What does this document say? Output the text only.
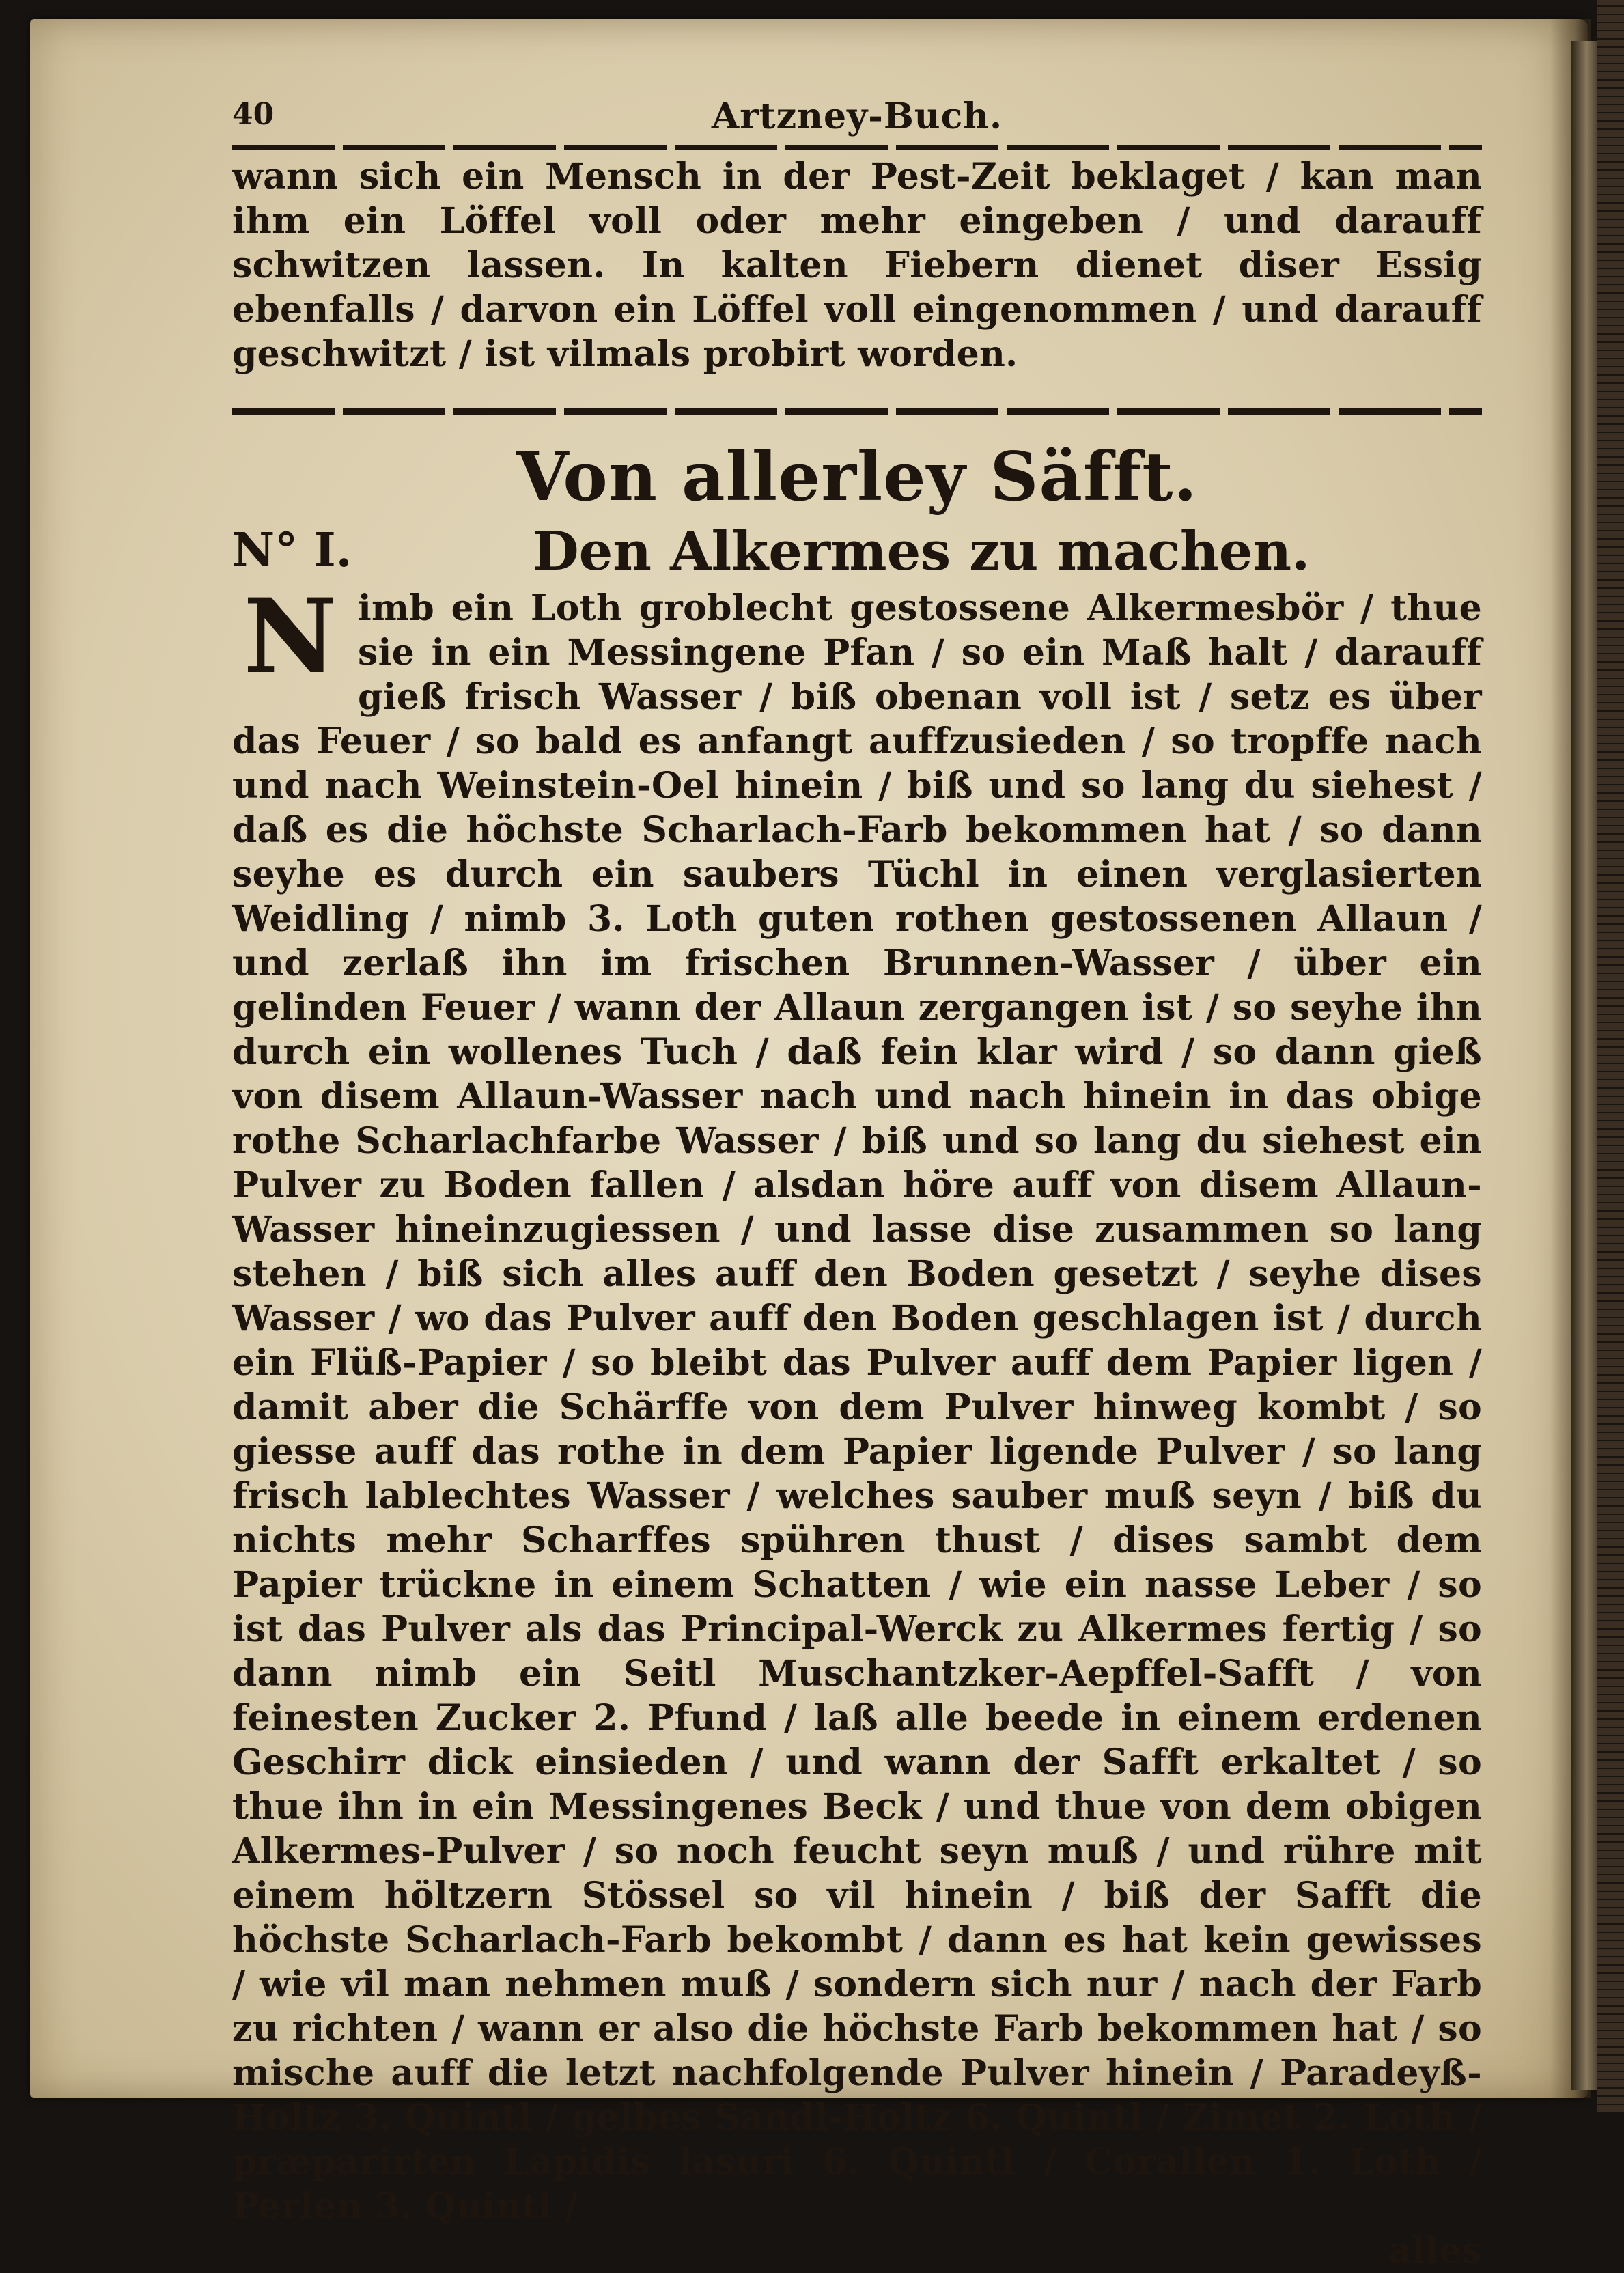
40	Artzney-Buch.

wann sich ein Mensch in der Pest-Zeit beklaget / kan man ihm ein Löffel voll oder mehr eingeben / und darauff schwitzen lassen. In kalten Fiebern dienet diser Essig ebenfalls / darvon ein Löffel voll eingenommen / und darauff geschwitzt / ist vilmals probirt worden.

Von allerley Säfft.
N° I.	Den Alkermes zu machen.
N imb ein Loth groblecht gestossene Alkermesbör / thue sie in ein Messingene Pfan / so ein Maß halt / darauff gieß frisch Wasser / biß obenan voll ist / setz es über das Feuer / so bald es anfangt auffzusieden / so tropffe nach und nach Weinstein-Oel hinein / biß und so lang du siehest / daß es die höchste Scharlach-Farb bekommen hat / so dann seyhe es durch ein saubers Tüchl in einen verglasierten Weidling / nimb 3. Loth guten rothen gestossenen Allaun / und zerlaß ihn im frischen Brunnen-Wasser / über ein gelinden Feuer / wann der Allaun zergangen ist / so seyhe ihn durch ein wollenes Tuch / daß fein klar wird / so dann gieß von disem Allaun-Wasser nach und nach hinein in das obige rothe Scharlachfarbe Wasser / biß und so lang du siehest ein Pulver zu Boden fallen / alsdan höre auff von disem Allaun-Wasser hineinzugiessen / und lasse dise zusammen so lang stehen / biß sich alles auff den Boden gesetzt / seyhe dises Wasser / wo das Pulver auff den Boden geschlagen ist / durch ein Flüß-Papier / so bleibt das Pulver auff dem Papier ligen / damit aber die Schärffe von dem Pulver hinweg kombt / so giesse auff das rothe in dem Papier ligende Pulver / so lang frisch lablechtes Wasser / welches sauber muß seyn / biß du nichts mehr Scharffes spühren thust / dises sambt dem Papier trückne in einem Schatten / wie ein nasse Leber / so ist das Pulver als das Principal-Werck zu Alkermes fertig / so dann nimb ein Seitl Muschantzker-Aepffel-Safft / von feinesten Zucker 2. Pfund / laß alle beede in einem erdenen Geschirr dick einsieden / und wann der Safft erkaltet / so thue ihn in ein Messingenes Beck / und thue von dem obigen Alkermes-Pulver / so noch feucht seyn muß / und rühre mit einem höltzern Stössel so vil hinein / biß der Safft die höchste Scharlach-Farb bekombt / dann es hat kein gewisses / wie vil man nehmen muß / sondern sich nur / nach der Farb zu richten / wann er also die höchste Farb bekommen hat / so mische auff die letzt nachfolgende Pulver hinein / Paradeyß-Holtz 3. Quintl / gelbes Sandl-Holtz 6. Quintl / Zimet 2. Loth / præparirten Lapidis lasuri 6. Quintl / Corallen 1. Loth / Perlen 3. Quintl /

alles
